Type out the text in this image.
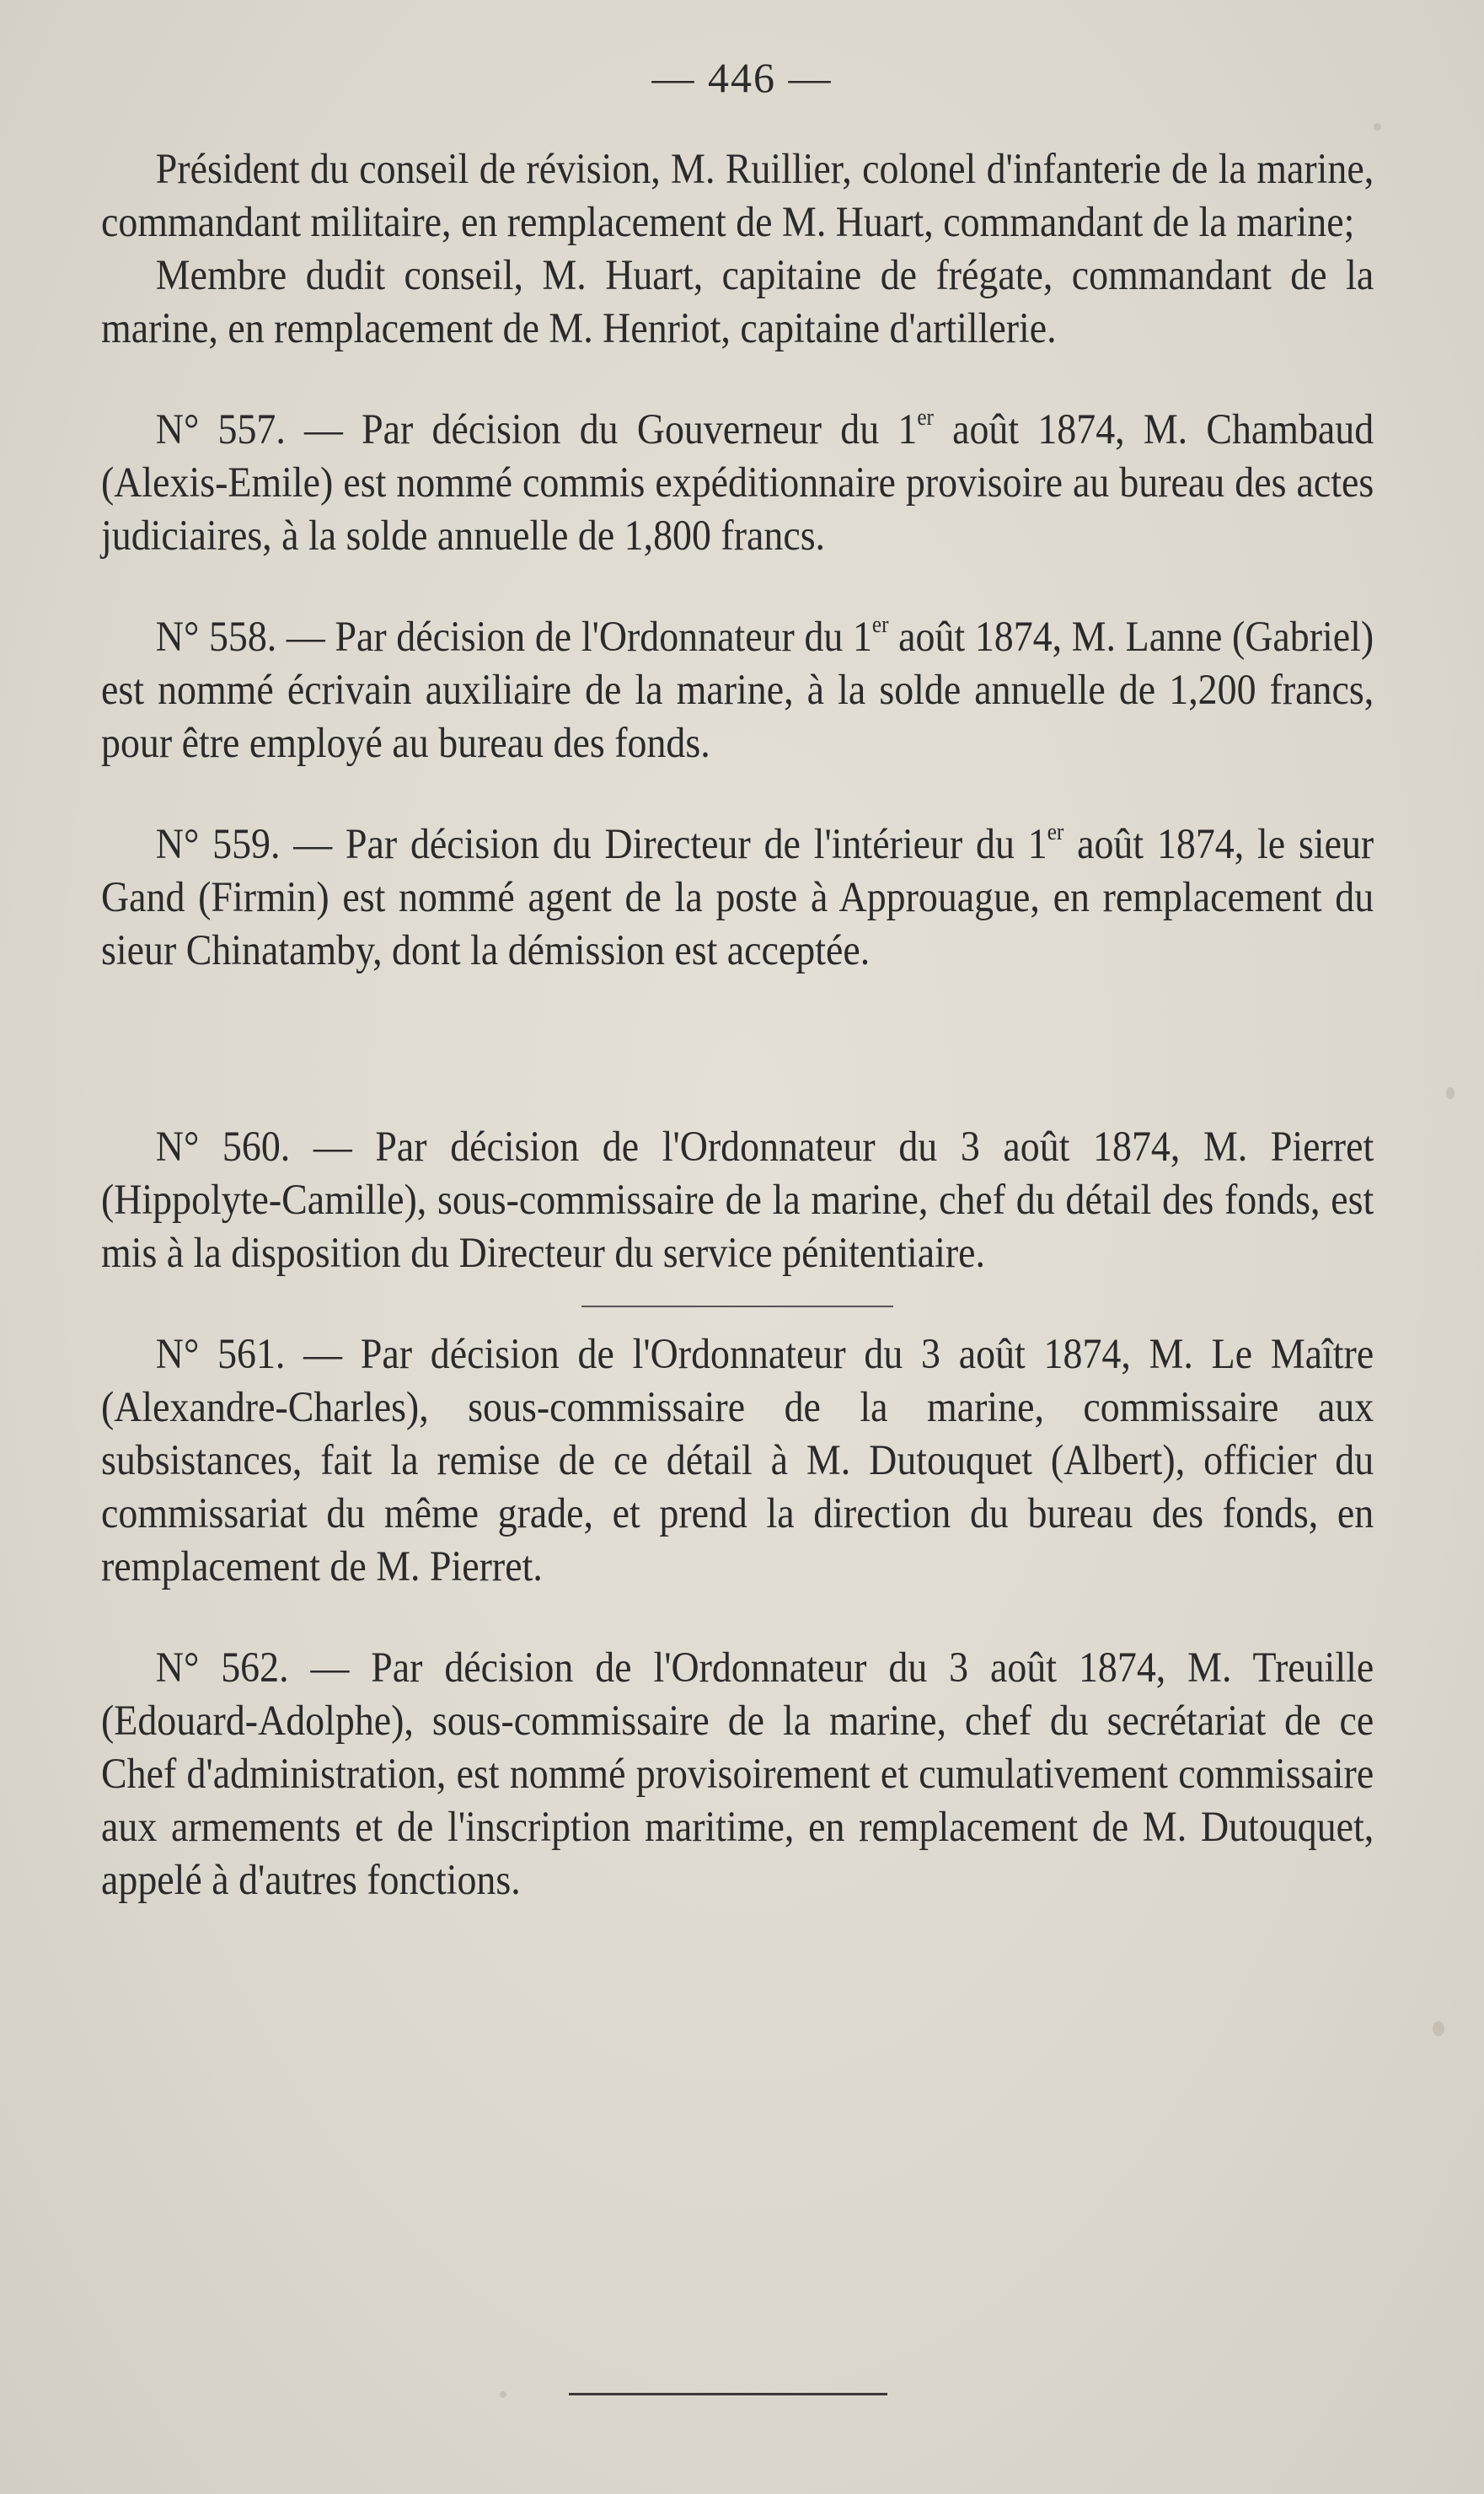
— 446 —

Président du conseil de révision, M. Ruillier, colonel d'infanterie de la marine, commandant militaire, en remplacement de M. Huart, commandant de la marine;

Membre dudit conseil, M. Huart, capitaine de frégate, commandant de la marine, en remplacement de M. Henriot, capitaine d'artillerie.

N° 557. — Par décision du Gouverneur du 1er août 1874, M. Chambaud (Alexis-Emile) est nommé commis expéditionnaire provisoire au bureau des actes judiciaires, à la solde annuelle de 1,800 francs.

N° 558. — Par décision de l'Ordonnateur du 1er août 1874, M. Lanne (Gabriel) est nommé écrivain auxiliaire de la marine, à la solde annuelle de 1,200 francs, pour être employé au bureau des fonds.

N° 559. — Par décision du Directeur de l'intérieur du 1er août 1874, le sieur Gand (Firmin) est nommé agent de la poste à Approuague, en remplacement du sieur Chinatamby, dont la démission est acceptée.

N° 560. — Par décision de l'Ordonnateur du 3 août 1874, M. Pierret (Hippolyte-Camille), sous-commissaire de la marine, chef du détail des fonds, est mis à la disposition du Directeur du service pénitentiaire.

N° 561. — Par décision de l'Ordonnateur du 3 août 1874, M. Le Maître (Alexandre-Charles), sous-commissaire de la marine, commissaire aux subsistances, fait la remise de ce détail à M. Dutouquet (Albert), officier du commissariat du même grade, et prend la direction du bureau des fonds, en remplacement de M. Pierret.

N° 562. — Par décision de l'Ordonnateur du 3 août 1874, M. Treuille (Edouard-Adolphe), sous-commissaire de la marine, chef du secrétariat de ce Chef d'administration, est nommé provisoirement et cumulativement commissaire aux armements et de l'inscription maritime, en remplacement de M. Dutouquet, appelé à d'autres fonctions.
